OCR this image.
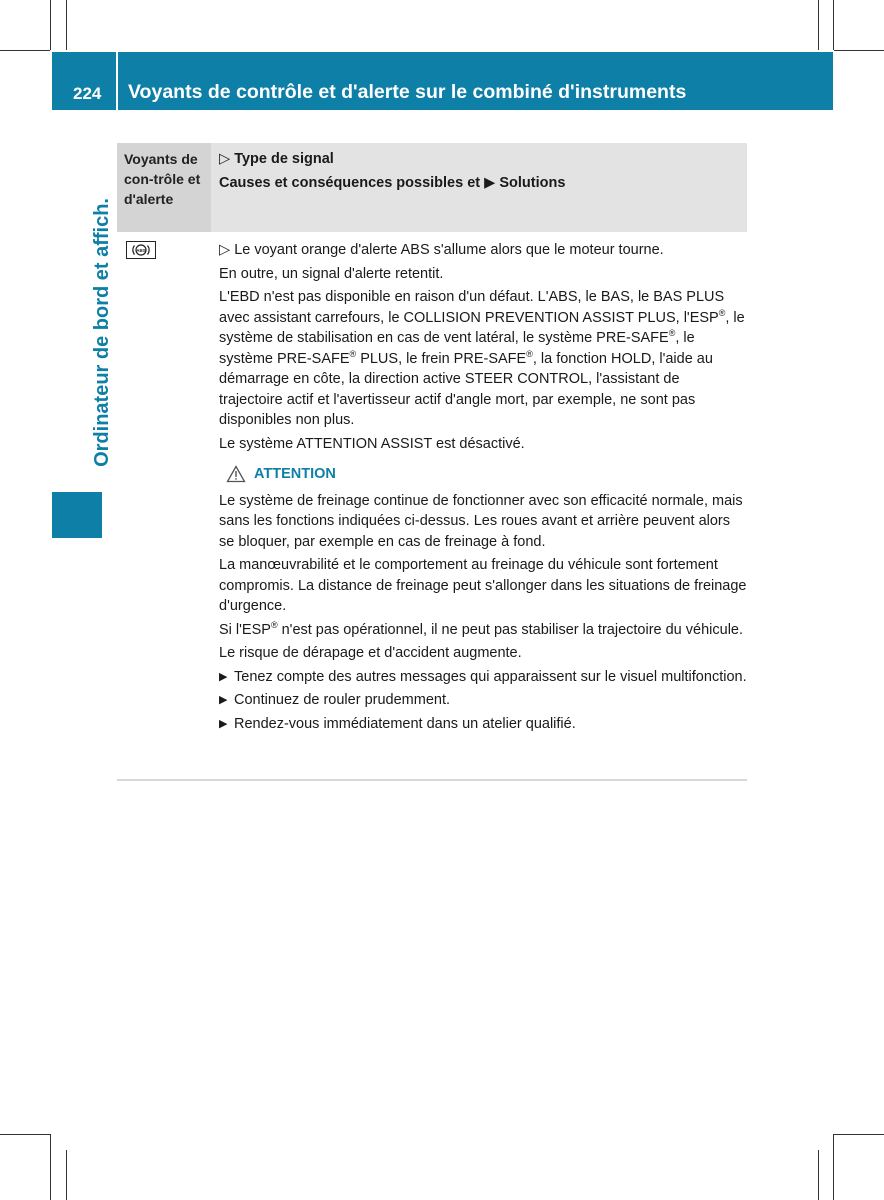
224 Voyants de contrôle et d'alerte sur le combiné d'instruments
Ordinateur de bord et affich.
Voyants de con-trôle et d'alerte
▷ Type de signal
Causes et conséquences possibles et ▶ Solutions
ABS	▷ Le voyant orange d'alerte ABS s'allume alors que le moteur tourne.

En outre, un signal d'alerte retentit.

L'EBD n'est pas disponible en raison d'un défaut. L'ABS, le BAS, le BAS PLUS avec assistant carrefours, le COLLISION PREVENTION ASSIST PLUS, l'ESP®, le système de stabilisation en cas de vent latéral, le système PRE-SAFE®, le système PRE-SAFE® PLUS, le frein PRE-SAFE®, la fonction HOLD, l'aide au démarrage en côte, la direction active STEER CONTROL, l'assistant de trajectoire actif et l'avertisseur actif d'angle mort, par exemple, ne sont pas disponibles non plus.

Le système ATTENTION ASSIST est désactivé.

ATTENTION

Le système de freinage continue de fonctionner avec son efficacité normale, mais sans les fonctions indiquées ci-dessus. Les roues avant et arrière peuvent alors se bloquer, par exemple en cas de freinage à fond.

La manœuvrabilité et le comportement au freinage du véhicule sont fortement compromis. La distance de freinage peut s'allonger dans les situations de freinage d'urgence.

Si l'ESP® n'est pas opérationnel, il ne peut pas stabiliser la trajectoire du véhicule.

Le risque de dérapage et d'accident augmente.

▶ Tenez compte des autres messages qui apparaissent sur le visuel multifonction.
▶ Continuez de rouler prudemment.
▶ Rendez-vous immédiatement dans un atelier qualifié.
